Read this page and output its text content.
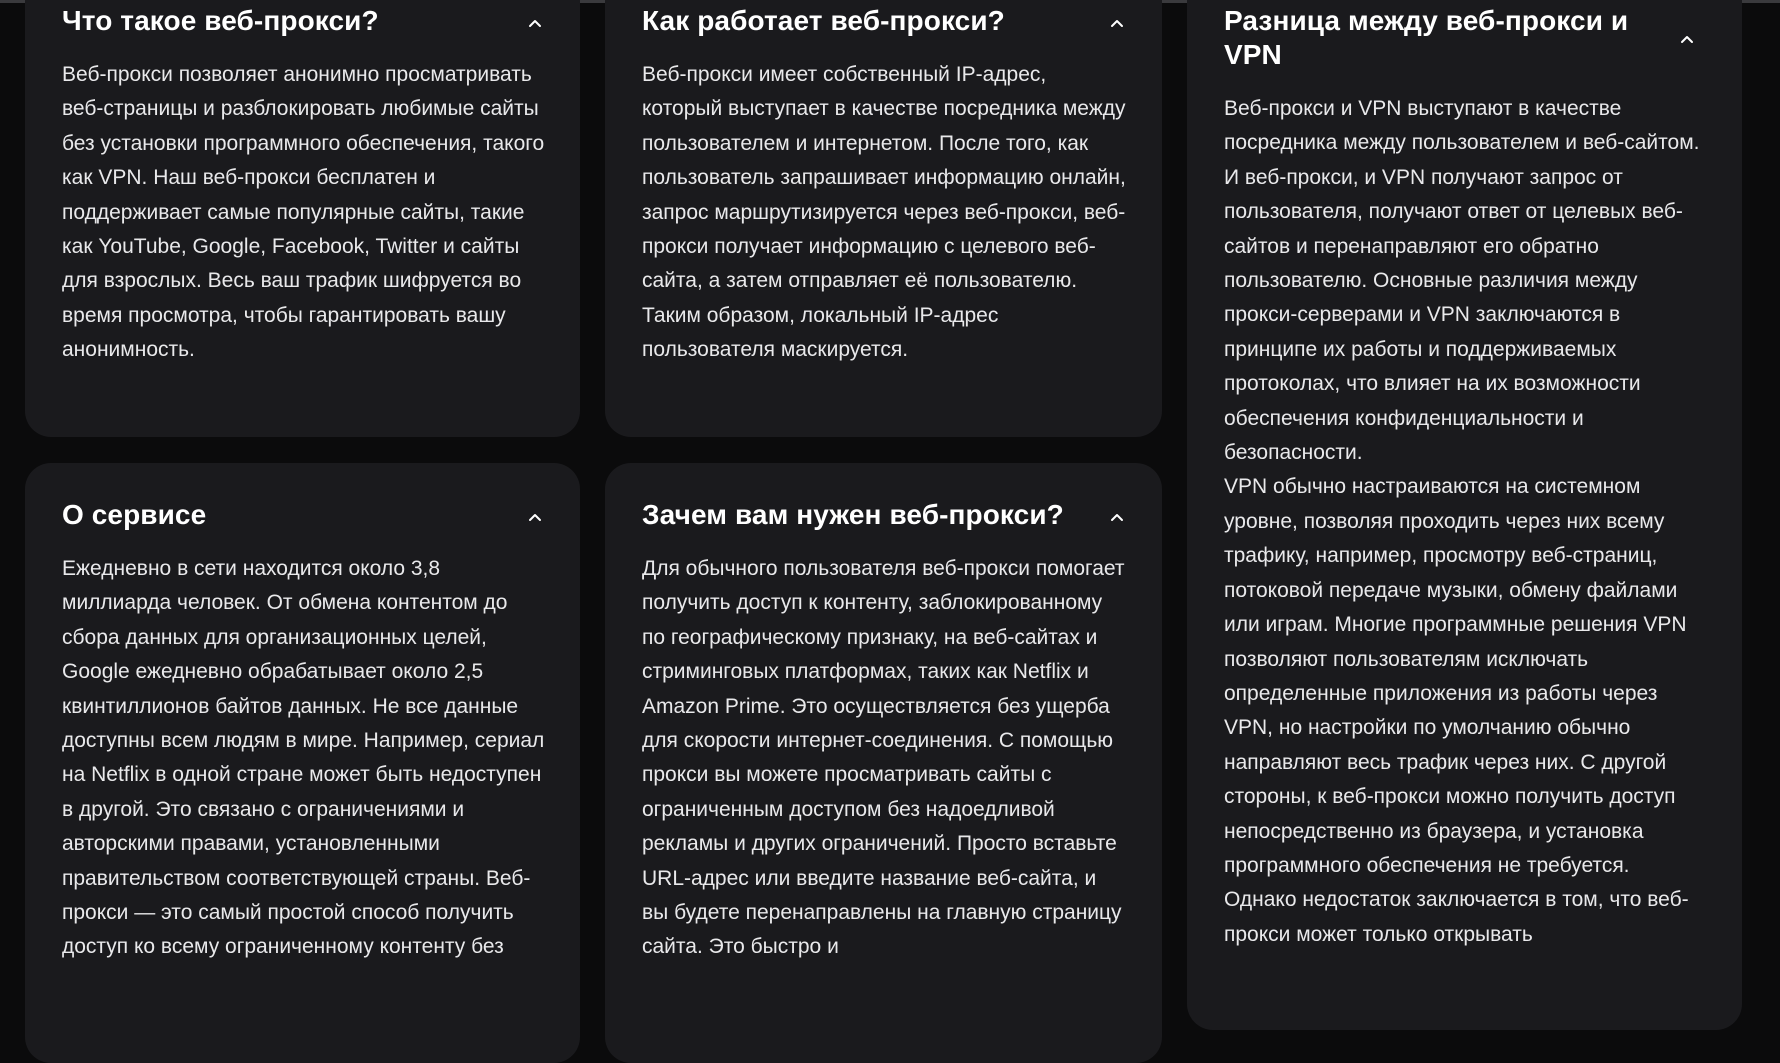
Что такое веб-прокси?

Веб-прокси позволяет анонимно просматривать веб-страницы и разблокировать любимые сайты без установки программного обеспечения, такого как VPN. Наш веб-прокси бесплатен и поддерживает самые популярные сайты, такие как YouTube, Google, Facebook, Twitter и сайты для взрослых. Весь ваш трафик шифруется во время просмотра, чтобы гарантировать вашу анонимность.

Как работает веб-прокси?

Веб-прокси имеет собственный IP-адрес, который выступает в качестве посредника между пользователем и интернетом. После того, как пользователь запрашивает информацию онлайн, запрос маршрутизируется через веб-прокси, веб-прокси получает информацию с целевого веб-сайта, а затем отправляет её пользователю. Таким образом, локальный IP-адрес пользователя маскируется.

Разница между веб-прокси и VPN

Веб-прокси и VPN выступают в качестве посредника между пользователем и веб-сайтом. И веб-прокси, и VPN получают запрос от пользователя, получают ответ от целевых веб-сайтов и перенаправляют его обратно пользователю. Основные различия между прокси-серверами и VPN заключаются в принципе их работы и поддерживаемых протоколах, что влияет на их возможности обеспечения конфиденциальности и безопасности.

VPN обычно настраиваются на системном уровне, позволяя проходить через них всему трафику, например, просмотру веб-страниц, потоковой передаче музыки, обмену файлами или играм. Многие программные решения VPN позволяют пользователям исключать определенные приложения из работы через VPN, но настройки по умолчанию обычно направляют весь трафик через них. С другой

стороны, к веб-прокси можно получить доступ непосредственно из браузера, и установка программного обеспечения не требуется. Однако недостаток заключается в том, что веб-прокси может только открывать

О сервисе

Ежедневно в сети находится около 3,8 миллиарда человек. От обмена контентом до сбора данных для организационных целей, Google ежедневно обрабатывает около 2,5 квинтиллионов байтов данных. Не все данные доступны всем людям в мире. Например, сериал на Netflix в одной стране может быть недоступен в другой. Это связано с ограничениями и авторскими правами, установленными правительством соответствующей страны. Веб-прокси — это самый простой способ получить доступ ко всему ограниченному контенту без

Зачем вам нужен веб-прокси?

Для обычного пользователя веб-прокси помогает получить доступ к контенту, заблокированному по географическому признаку, на веб-сайтах и стриминговых платформах, таких как Netflix и Amazon Prime. Это осуществляется без ущерба для скорости интернет-соединения. С помощью прокси вы можете просматривать сайты с ограниченным доступом без надоедливой рекламы и других ограничений. Просто вставьте URL-адрес или введите название веб-сайта, и вы будете перенаправлены на главную страницу сайта. Это быстро и
